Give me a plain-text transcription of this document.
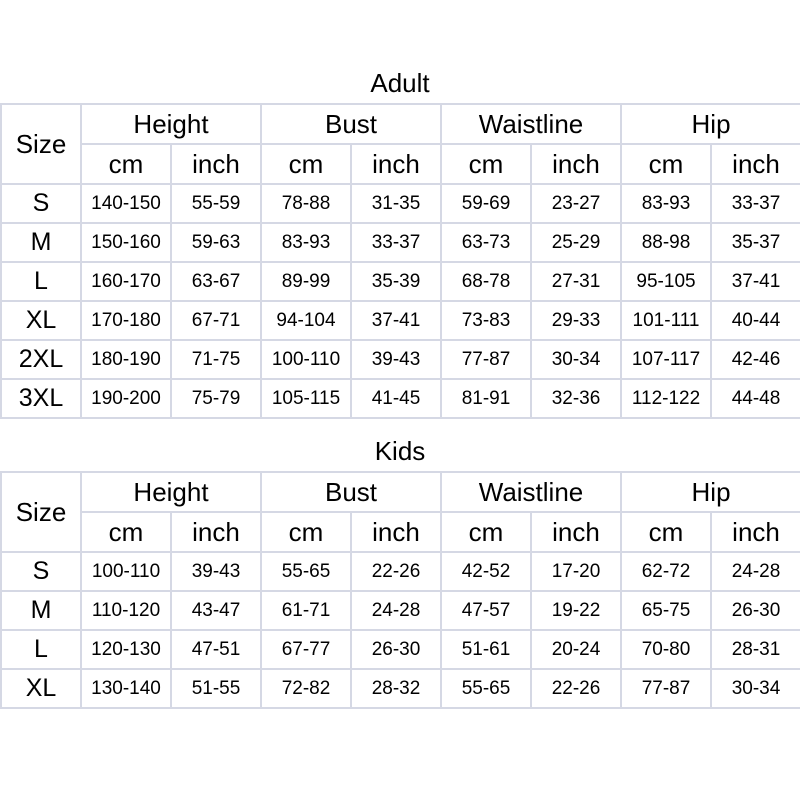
Adult
Size	Height		Bust		Waistline		Hip	
	cm	inch	cm	inch	cm	inch	cm	inch
S	140-150	55-59	78-88	31-35	59-69	23-27	83-93	33-37
M	150-160	59-63	83-93	33-37	63-73	25-29	88-98	35-37
L	160-170	63-67	89-99	35-39	68-78	27-31	95-105	37-41
XL	170-180	67-71	94-104	37-41	73-83	29-33	101-111	40-44
2XL	180-190	71-75	100-110	39-43	77-87	30-34	107-117	42-46
3XL	190-200	75-79	105-115	41-45	81-91	32-36	112-122	44-48
Kids
Size	Height		Bust		Waistline		Hip	
	cm	inch	cm	inch	cm	inch	cm	inch
S	100-110	39-43	55-65	22-26	42-52	17-20	62-72	24-28
M	110-120	43-47	61-71	24-28	47-57	19-22	65-75	26-30
L	120-130	47-51	67-77	26-30	51-61	20-24	70-80	28-31
XL	130-140	51-55	72-82	28-32	55-65	22-26	77-87	30-34
